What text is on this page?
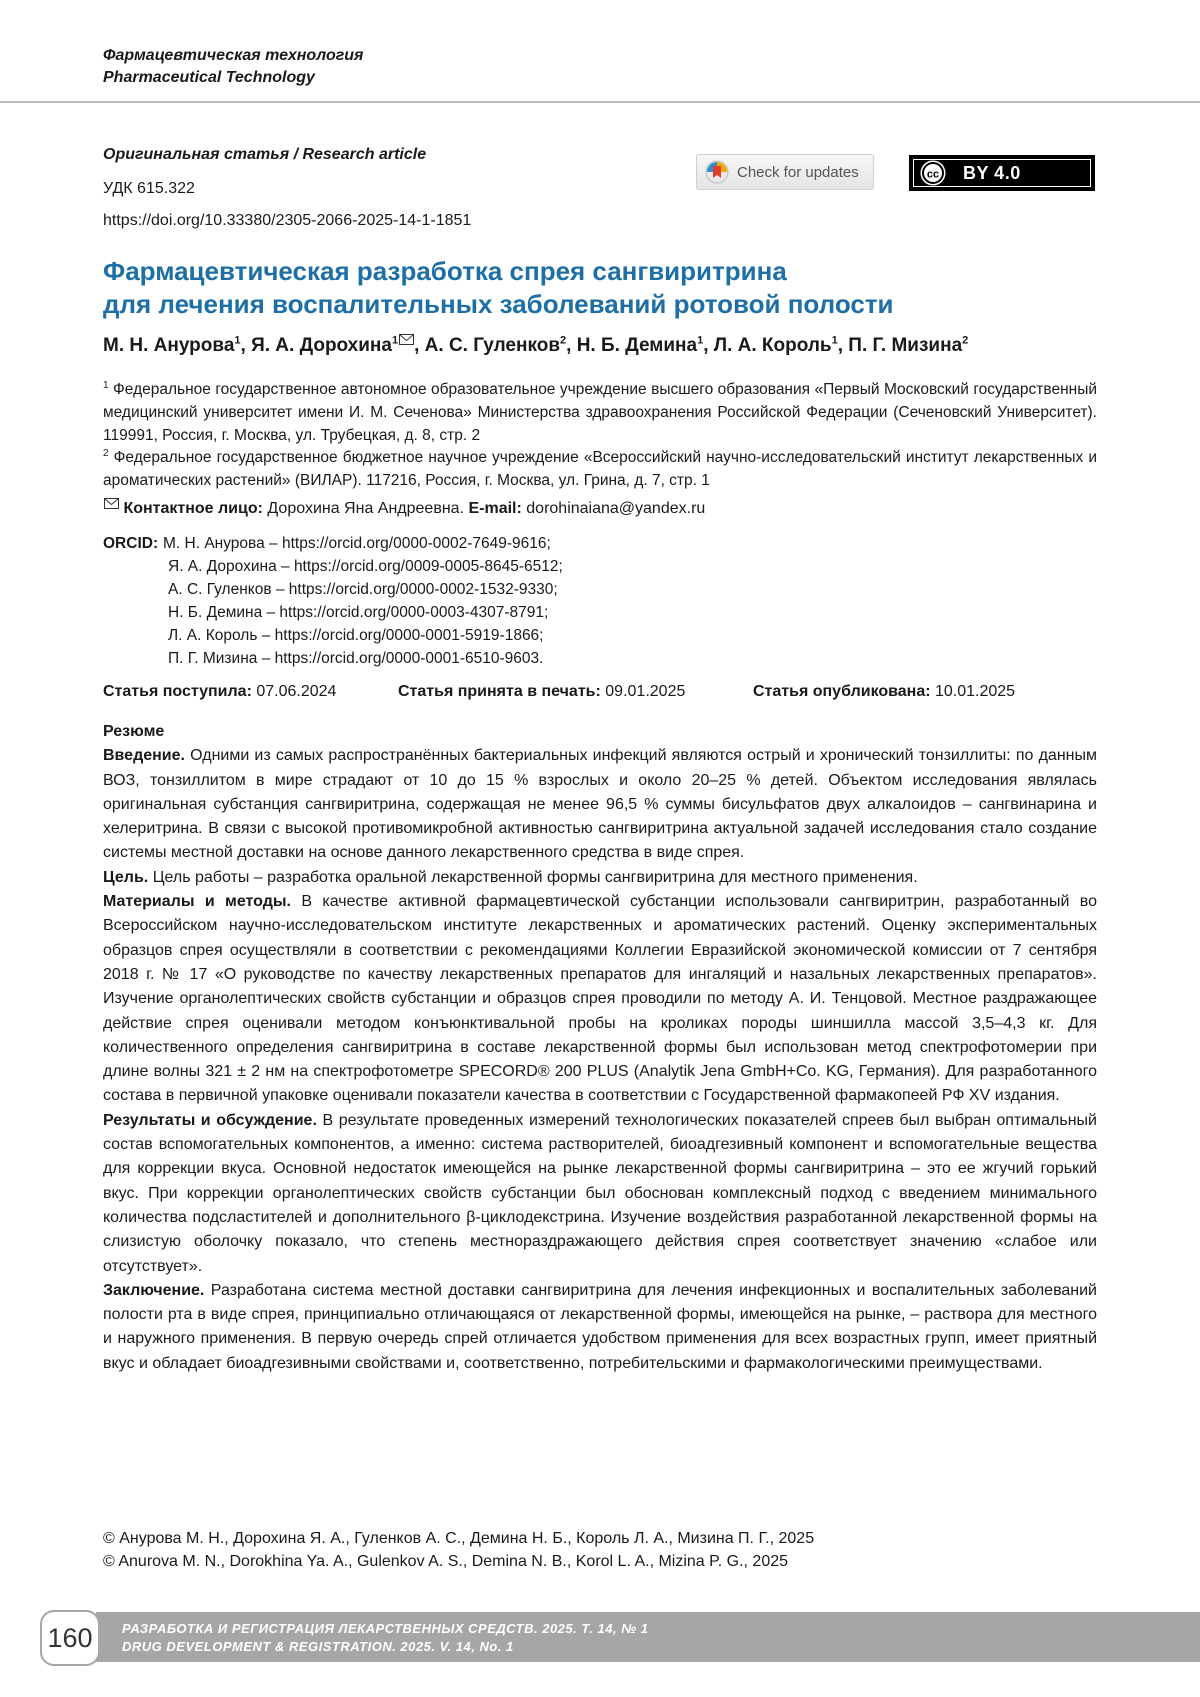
Фармацевтическая технология
Pharmaceutical Technology
Оригинальная статья / Research article
УДК 615.322
https://doi.org/10.33380/2305-2066-2025-14-1-1851
Check for updates	cc BY 4.0
Фармацевтическая разработка спрея сангвиритрина
для лечения воспалительных заболеваний ротовой полости
М. Н. Анурова$^1$, Я. А. Дорохина$^1$ , А. С. Гуленков$^2$, Н. Б. Демина$^1$, Л. А. Король$^1$, П. Г. Мизина$^2$
$^1$ Федеральное государственное автономное образовательное учреждение высшего образования «Первый Московский государственный медицинский университет имени И. М. Сеченова» Министерства здравоохранения Российской Федерации (Сеченовский Университет). 119991, Россия, г. Москва, ул. Трубецкая, д. 8, стр. 2
$^2$ Федеральное государственное бюджетное научное учреждение «Всероссийский научно-исследовательский институт лекарственных и ароматических растений» (ВИЛАР). 117216, Россия, г. Москва, ул. Грина, д. 7, стр. 1
Контактное лицо: Дорохина Яна Андреевна. E-mail: dorohinaiana@yandex.ru
ORCID: М. Н. Анурова – https://orcid.org/0000-0002-7649-9616;
Я. А. Дорохина – https://orcid.org/0009-0005-8645-6512;
А. С. Гуленков – https://orcid.org/0000-0002-1532-9330;
Н. Б. Демина – https://orcid.org/0000-0003-4307-8791;
Л. А. Король – https://orcid.org/0000-0001-5919-1866;
П. Г. Мизина – https://orcid.org/0000-0001-6510-9603.
Статья поступила: 07.06.2024	Статья принята в печать: 09.01.2025	Статья опубликована: 10.01.2025

Резюме

Введение. Одними из самых распространённых бактериальных инфекций являются острый и хронический тонзиллиты: по данным ВОЗ, тонзиллитом в мире страдают от 10 до 15 % взрослых и около 20–25 % детей. Объектом исследования являлась оригинальная субстанция сангвиритрина, содержащая не менее 96,5 % суммы бисульфатов двух алкалоидов – сангвинарина и хелеритрина. В связи с высокой противомикробной активностью сангвиритрина актуальной задачей исследования стало создание системы местной доставки на основе данного лекарственного средства в виде спрея.

Цель. Цель работы – разработка оральной лекарственной формы сангвиритрина для местного применения.

Материалы и методы. В качестве активной фармацевтической субстанции использовали сангвиритрин, разработанный во Всероссийском научно-исследовательском институте лекарственных и ароматических растений. Оценку экспериментальных образцов спрея осуществляли в соответствии с рекомендациями Коллегии Евразийской экономической комиссии от 7 сентября 2018 г. № 17 «О руководстве по качеству лекарственных препаратов для ингаляций и назальных лекарственных препаратов». Изучение органолептических свойств субстанции и образцов спрея проводили по методу А. И. Тенцовой. Местное раздражающее действие спрея оценивали методом конъюнктивальной пробы на кроликах породы шиншилла массой 3,5–4,3 кг. Для количественного определения сангвиритрина в составе лекарственной формы был использован метод спектрофотомерии при длине волны 321 ± 2 нм на спектрофотометре SPECORD® 200 PLUS (Analytik Jena GmbH+Co. KG, Германия). Для разработанного состава в первичной упаковке оценивали показатели качества в соответствии с Государственной фармакопеей РФ XV издания.

Результаты и обсуждение. В результате проведенных измерений технологических показателей спреев был выбран оптимальный состав вспомогательных компонентов, а именно: система растворителей, биоадгезивный компонент и вспомогательные вещества для коррекции вкуса. Основной недостаток имеющейся на рынке лекарственной формы сангвиритрина – это ее жгучий горький вкус. При коррекции органолептических свойств субстанции был обоснован комплексный подход с введением минимального количества подсластителей и дополнительного β-циклодекстрина. Изучение воздействия разработанной лекарственной формы на слизистую оболочку показало, что степень местнораздражающего действия спрея соответствует значению «слабое или отсутствует».

Заключение. Разработана система местной доставки сангвиритрина для лечения инфекционных и воспалительных заболеваний полости рта в виде спрея, принципиально отличающаяся от лекарственной формы, имеющейся на рынке, – раствора для местного и наружного применения. В первую очередь спрей отличается удобством применения для всех возрастных групп, имеет приятный вкус и обладает биоадгезивными свойствами и, соответственно, потребительскими и фармакологическими преимуществами.

© Анурова М. Н., Дорохина Я. А., Гуленков А. С., Демина Н. Б., Король Л. А., Мизина П. Г., 2025
© Anurova M. N., Dorokhina Ya. A., Gulenkov A. S., Demina N. B., Korol L. A., Mizina P. G., 2025
РАЗРАБОТКА И РЕГИСТРАЦИЯ ЛЕКАРСТВЕННЫХ СРЕДСТВ. 2025. Т. 14, № 1
DRUG DEVELOPMENT & REGISTRATION. 2025. V. 14, No. 1
160
